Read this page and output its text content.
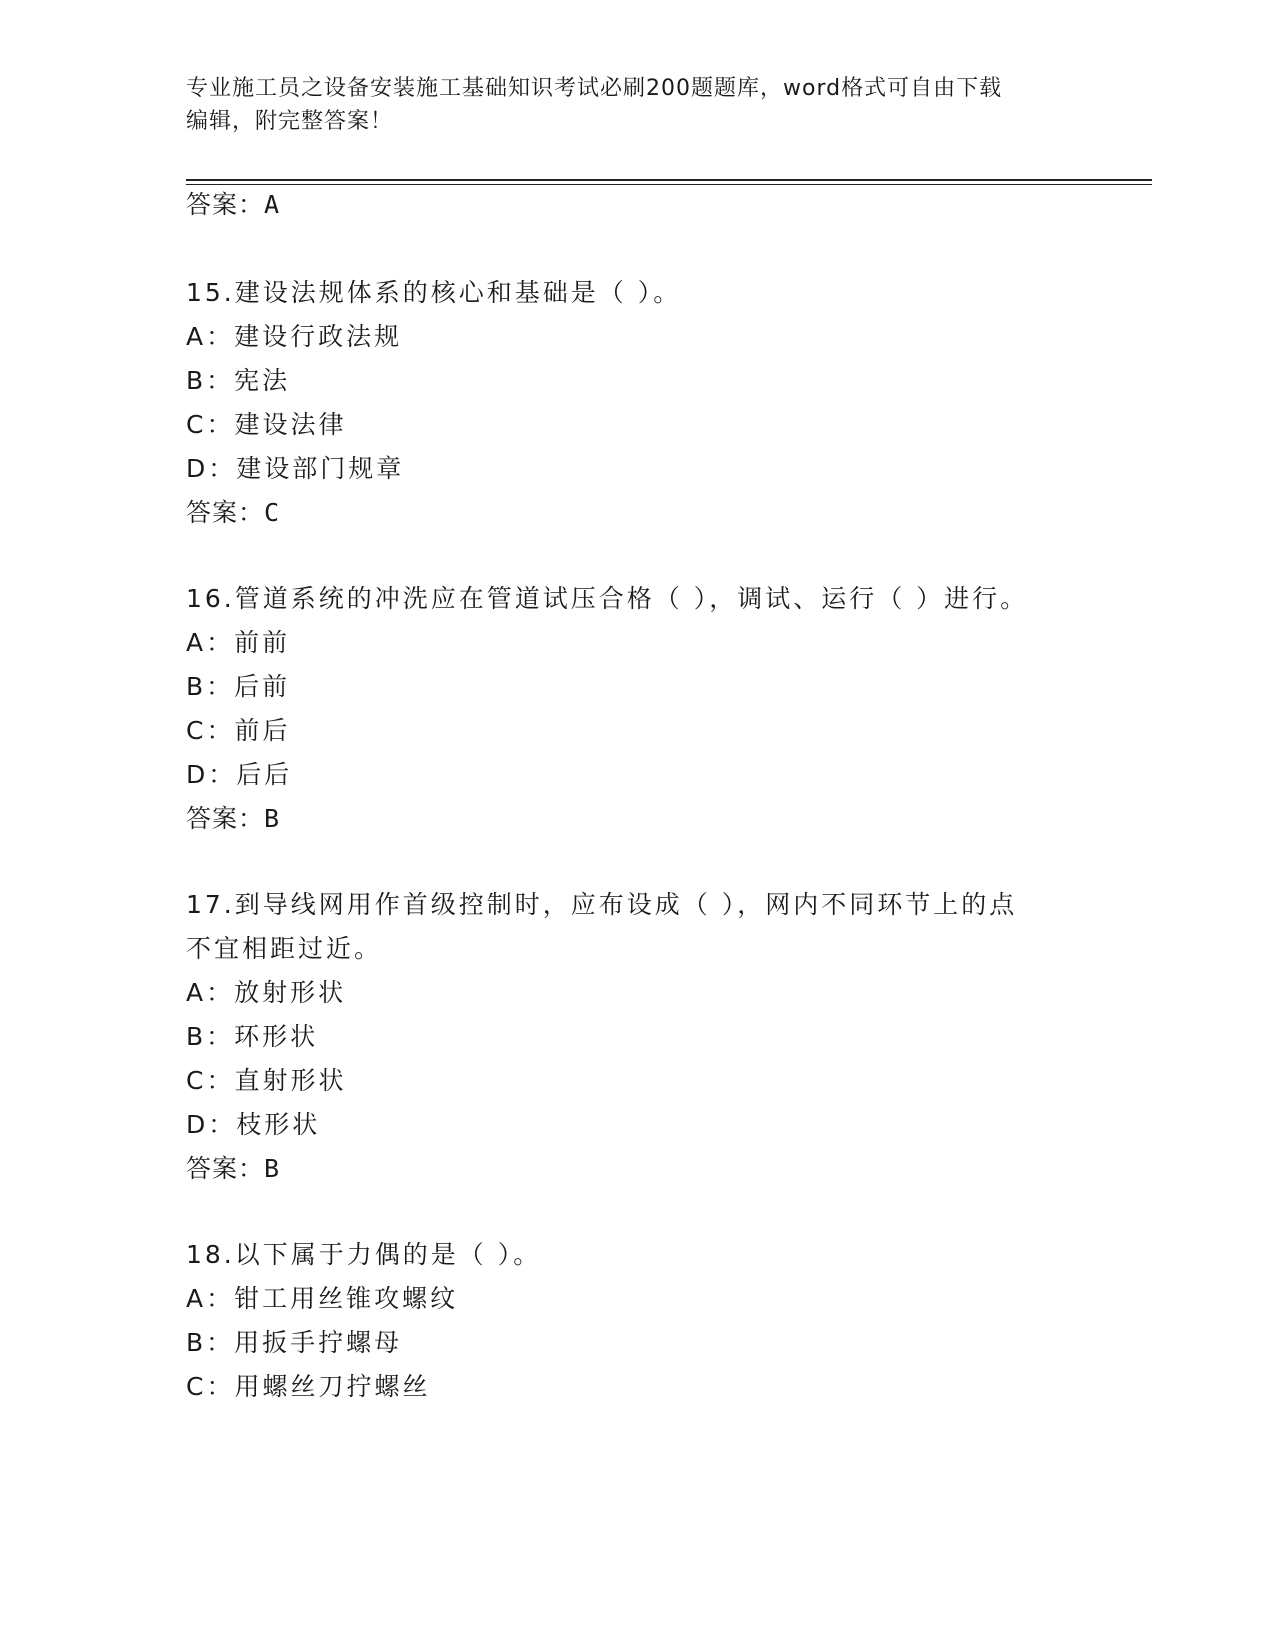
专业施工员之设备安装施工基础知识考试必刷200题题库，word格式可自由下载
编辑，附完整答案！
答案：A
15.建设法规体系的核心和基础是（ ）。
A：建设行政法规
B：宪法
C：建设法律
D：建设部门规章
答案：C
16.管道系统的冲洗应在管道试压合格（ ），调试、运行（ ）进行。
A：前前
B：后前
C：前后
D：后后
答案：B
17.到导线网用作首级控制时，应布设成（ ），网内不同环节上的点
不宜相距过近。
A：放射形状
B：环形状
C：直射形状
D：枝形状
答案：B
18.以下属于力偶的是（ ）。
A：钳工用丝锥攻螺纹
B：用扳手拧螺母
C：用螺丝刀拧螺丝
